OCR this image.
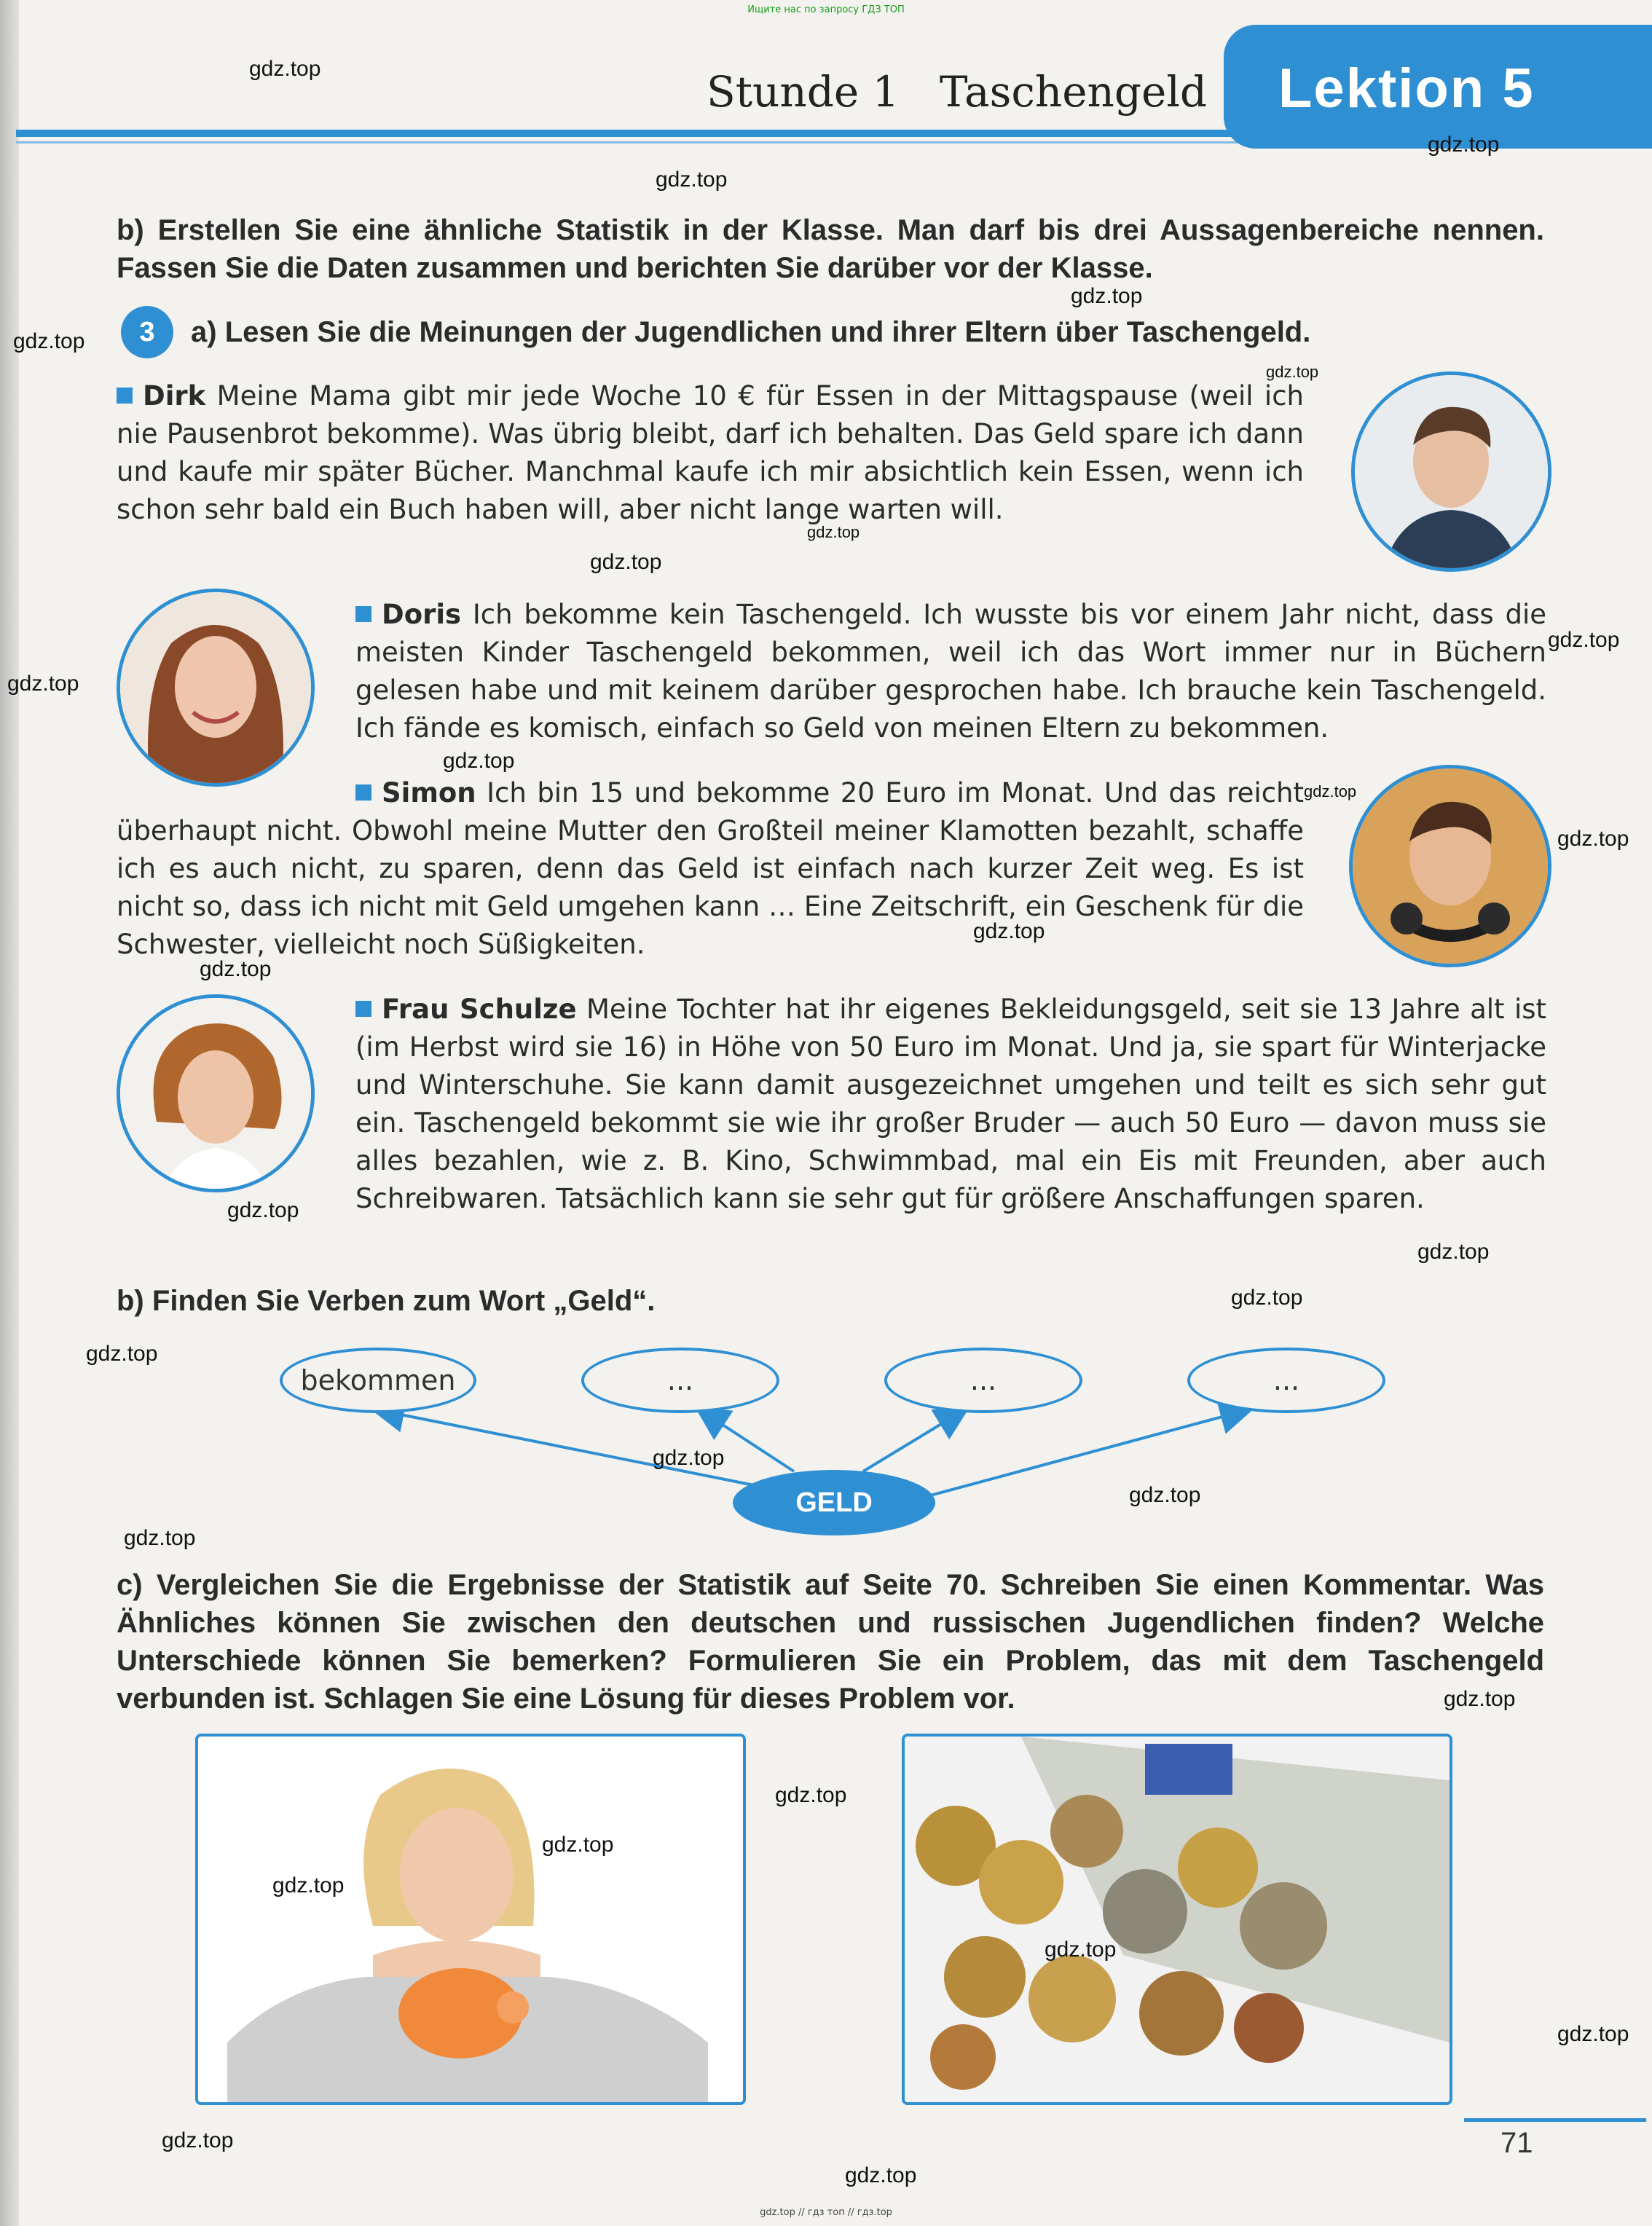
Ищите нас по запросу ГДЗ ТОП
Stunde 1 Taschengeld Lektion 5
b) Erstellen Sie eine ähnliche Statistik in der Klasse. Man darf bis drei Aussagenbereiche nennen. Fassen Sie die Daten zusammen und berichten Sie darüber vor der Klasse.
3	a) Lesen Sie die Meinungen der Jugendlichen und ihrer Eltern über Taschengeld.
Dirk Meine Mama gibt mir jede Woche 10 € für Essen in der Mittagspause (weil ich nie Pausenbrot bekomme). Was übrig bleibt, darf ich behalten. Das Geld spare ich dann und kaufe mir später Bücher. Manchmal kaufe ich mir absichtlich kein Essen, wenn ich schon sehr bald ein Buch haben will, aber nicht lange warten will.
Doris Ich bekomme kein Taschengeld. Ich wusste bis vor einem Jahr nicht, dass die meisten Kinder Taschengeld bekommen, weil ich das Wort immer nur in Büchern gelesen habe und mit keinem darüber gesprochen habe. Ich brauche kein Taschengeld. Ich fände es komisch, einfach so Geld von meinen Eltern zu bekommen.
Simon Ich bin 15 und bekomme 20 Euro im Monat. Und das reicht überhaupt nicht. Obwohl meine Mutter den Großteil meiner Klamotten bezahlt, schaffe ich es auch nicht, zu sparen, denn das Geld ist einfach nach kurzer Zeit weg. Es ist nicht so, dass ich nicht mit Geld umgehen kann … Eine Zeitschrift, ein Geschenk für die Schwester, vielleicht noch Süßigkeiten.
Frau Schulze Meine Tochter hat ihr eigenes Bekleidungsgeld, seit sie 13 Jahre alt ist (im Herbst wird sie 16) in Höhe von 50 Euro im Monat. Und ja, sie spart für Winterjacke und Winterschuhe. Sie kann damit ausgezeichnet umgehen und teilt es sich sehr gut ein. Taschengeld bekommt sie wie ihr großer Bruder — auch 50 Euro — davon muss sie alles bezahlen, wie z. B. Kino, Schwimmbad, mal ein Eis mit Freunden, aber auch Schreibwaren. Tatsächlich kann sie sehr gut für größere Anschaffungen sparen.
b) Finden Sie Verben zum Wort „Geld“.
bekommen	...	...	...
GELD
c) Vergleichen Sie die Ergebnisse der Statistik auf Seite 70. Schreiben Sie einen Kommentar. Was Ähnliches können Sie zwischen den deutschen und russischen Jugendlichen finden? Welche Unterschiede können Sie bemerken? Formulieren Sie ein Problem, das mit dem Taschengeld verbunden ist. Schlagen Sie eine Lösung für dieses Problem vor.
71
gdz.top
gdz.top
gdz.top
gdz.top
gdz.top
gdz.top
gdz.top
gdz.top
gdz.top
gdz.top
gdz.top
gdz.top
gdz.top
gdz.top
gdz.top
gdz.top
gdz.top
gdz.top
gdz.top
gdz.top
gdz.top
gdz.top
gdz.top
gdz.top
gdz.top
gdz.top
gdz.top
gdz.top
gdz.top
gdz.top
gdz.top // гдз топ // гдз.top
